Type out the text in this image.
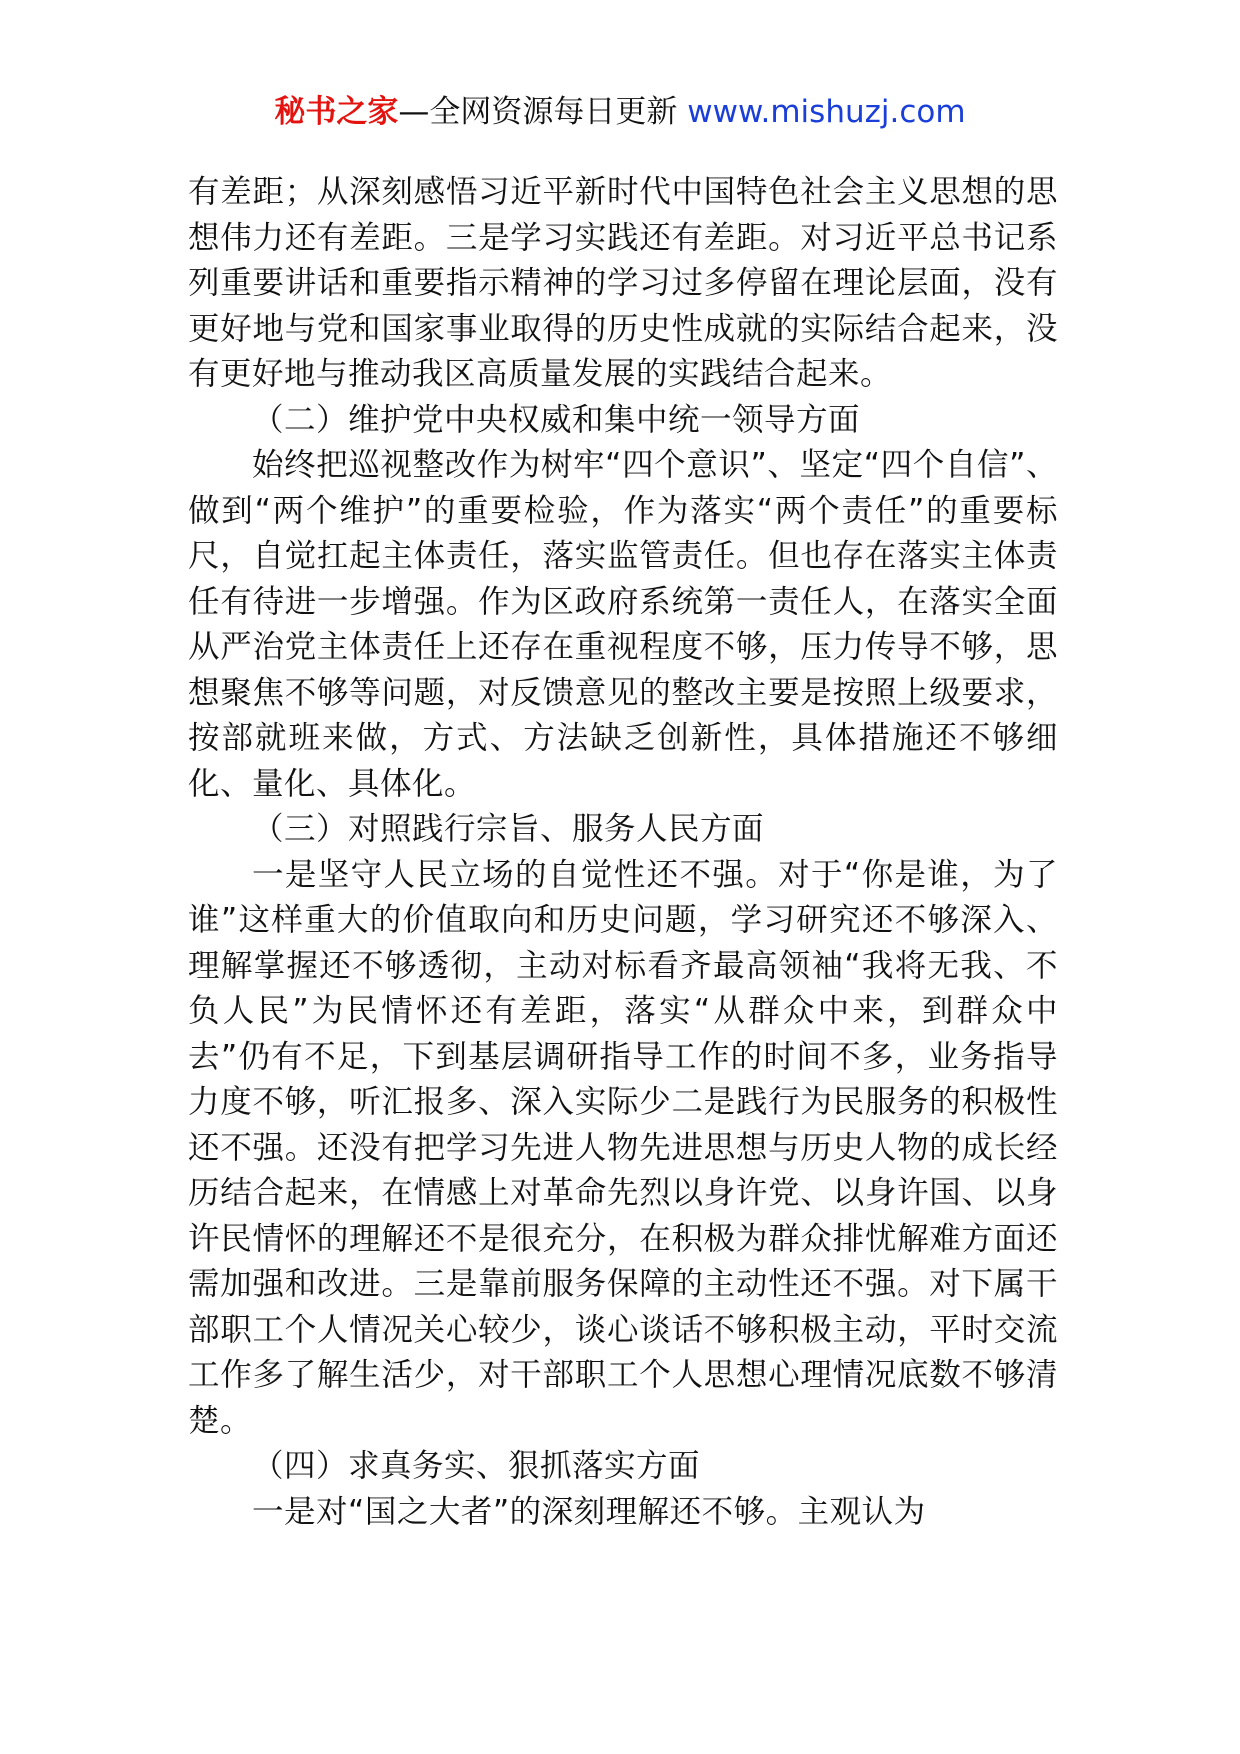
秘书之家—全网资源每日更新 www.mishuzj.com

有差距；从深刻感悟习近平新时代中国特色社会主义思想的思想伟力还有差距。三是学习实践还有差距。对习近平总书记系列重要讲话和重要指示精神的学习过多停留在理论层面，没有更好地与党和国家事业取得的历史性成就的实际结合起来，没有更好地与推动我区高质量发展的实践结合起来。

（二）维护党中央权威和集中统一领导方面

始终把巡视整改作为树牢“四个意识”、坚定“四个自信”、做到“两个维护”的重要检验，作为落实“两个责任”的重要标尺，自觉扛起主体责任，落实监管责任。但也存在落实主体责任有待进一步增强。作为区政府系统第一责任人，在落实全面从严治党主体责任上还存在重视程度不够，压力传导不够，思想聚焦不够等问题，对反馈意见的整改主要是按照上级要求，按部就班来做，方式、方法缺乏创新性，具体措施还不够细化、量化、具体化。

（三）对照践行宗旨、服务人民方面

一是坚守人民立场的自觉性还不强。对于“你是谁，为了谁”这样重大的价值取向和历史问题，学习研究还不够深入、理解掌握还不够透彻，主动对标看齐最高领袖“我将无我、不负人民”为民情怀还有差距，落实“从群众中来，到群众中去”仍有不足，下到基层调研指导工作的时间不多，业务指导力度不够，听汇报多、深入实际少二是践行为民服务的积极性还不强。还没有把学习先进人物先进思想与历史人物的成长经历结合起来，在情感上对革命先烈以身许党、以身许国、以身许民情怀的理解还不是很充分，在积极为群众排忧解难方面还需加强和改进。三是靠前服务保障的主动性还不强。对下属干部职工个人情况关心较少，谈心谈话不够积极主动，平时交流工作多了解生活少，对干部职工个人思想心理情况底数不够清楚。

（四）求真务实、狠抓落实方面

一是对“国之大者”的深刻理解还不够。主观认为
